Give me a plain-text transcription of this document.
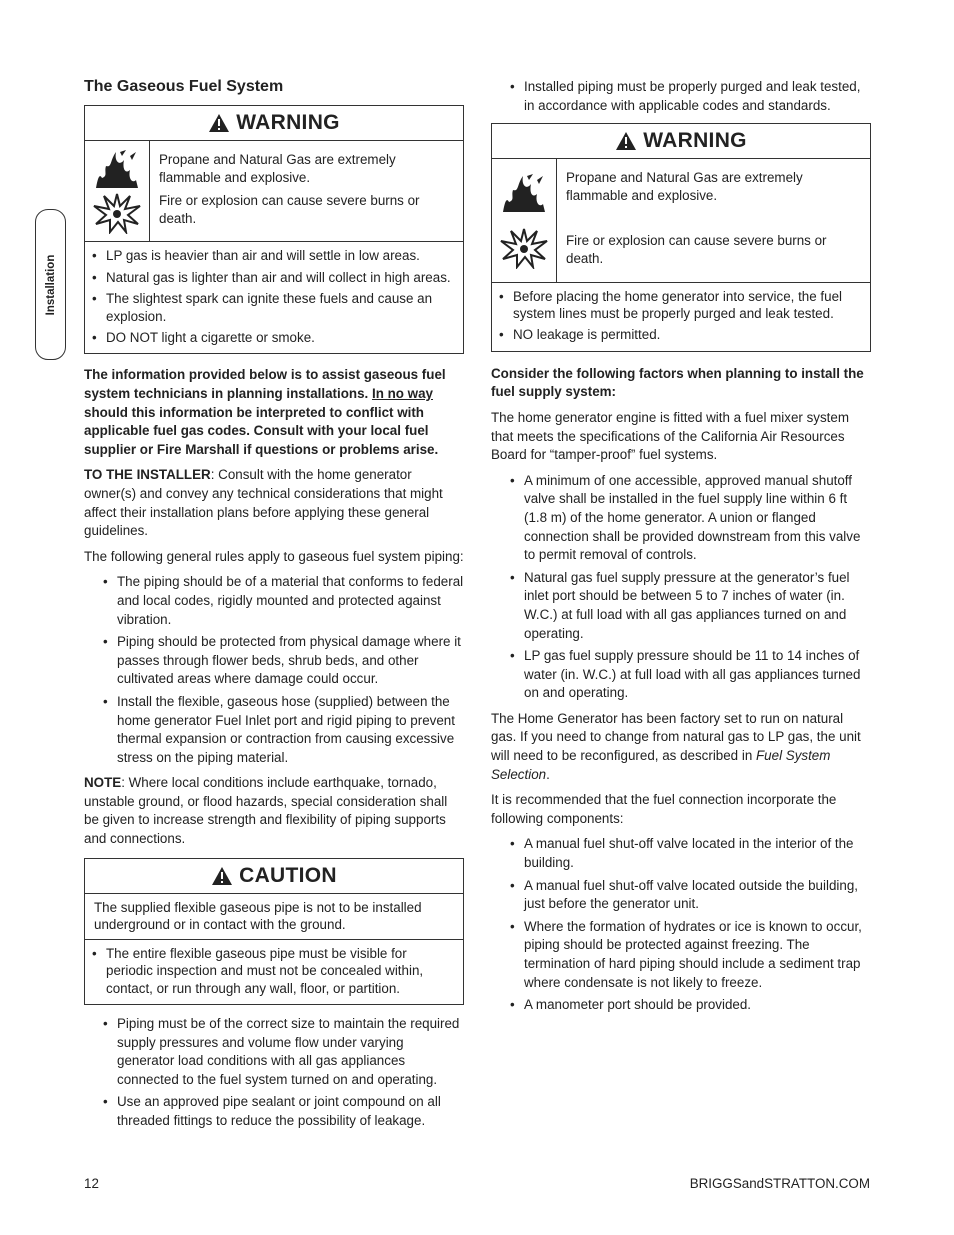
Installation
The Gaseous Fuel System
WARNING
Propane and Natural Gas are extremely flammable and explosive.
Fire or explosion can cause severe burns or death.
• LP gas is heavier than air and will settle in low areas.
• Natural gas is lighter than air and will collect in high areas.
• The slightest spark can ignite these fuels and cause an explosion.
• DO NOT light a cigarette or smoke.

The information provided below is to assist gaseous fuel system technicians in planning installations. In no way should this information be interpreted to conflict with applicable fuel gas codes. Consult with your local fuel supplier or Fire Marshall if questions or problems arise.

TO THE INSTALLER: Consult with the home generator owner(s) and convey any technical considerations that might affect their installation plans before applying these general guidelines.

The following general rules apply to gaseous fuel system piping:

• The piping should be of a material that conforms to federal and local codes, rigidly mounted and protected against vibration.
• Piping should be protected from physical damage where it passes through flower beds, shrub beds, and other cultivated areas where damage could occur.
• Install the flexible, gaseous hose (supplied) between the home generator Fuel Inlet port and rigid piping to prevent thermal expansion or contraction from causing excessive stress on the piping material.

NOTE: Where local conditions include earthquake, tornado, unstable ground, or flood hazards, special consideration shall be given to increase strength and flexibility of piping supports and connections.

CAUTION
The supplied flexible gaseous pipe is not to be installed underground or in contact with the ground.
• The entire flexible gaseous pipe must be visible for periodic inspection and must not be concealed within, contact, or run through any wall, floor, or partition.
• Piping must be of the correct size to maintain the required supply pressures and volume flow under varying generator load conditions with all gas appliances connected to the fuel system turned on and operating.
• Use an approved pipe sealant or joint compound on all threaded fittings to reduce the possibility of leakage.
• Installed piping must be properly purged and leak tested, in accordance with applicable codes and standards.
WARNING
Propane and Natural Gas are extremely flammable and explosive.
Fire or explosion can cause severe burns or death.
• Before placing the home generator into service, the fuel system lines must be properly purged and leak tested.
• NO leakage is permitted.

Consider the following factors when planning to install the fuel supply system:

The home generator engine is fitted with a fuel mixer system that meets the specifications of the California Air Resources Board for “tamper-proof” fuel systems.

• A minimum of one accessible, approved manual shutoff valve shall be installed in the fuel supply line within 6 ft (1.8 m) of the home generator. A union or flanged connection shall be provided downstream from this valve to permit removal of controls.
• Natural gas fuel supply pressure at the generator’s fuel inlet port should be between 5 to 7 inches of water (in. W.C.) at full load with all gas appliances turned on and operating.
• LP gas fuel supply pressure should be 11 to 14 inches of water (in. W.C.) at full load with all gas appliances turned on and operating.

The Home Generator has been factory set to run on natural gas. If you need to change from natural gas to LP gas, the unit will need to be reconfigured, as described in Fuel System Selection.

It is recommended that the fuel connection incorporate the following components:

• A manual fuel shut-off valve located in the interior of the building.
• A manual fuel shut-off valve located outside the building, just before the generator unit.
• Where the formation of hydrates or ice is known to occur, piping should be protected against freezing. The termination of hard piping should include a sediment trap where condensate is not likely to freeze.
• A manometer port should be provided.
12	BRIGGSandSTRATTON.COM
